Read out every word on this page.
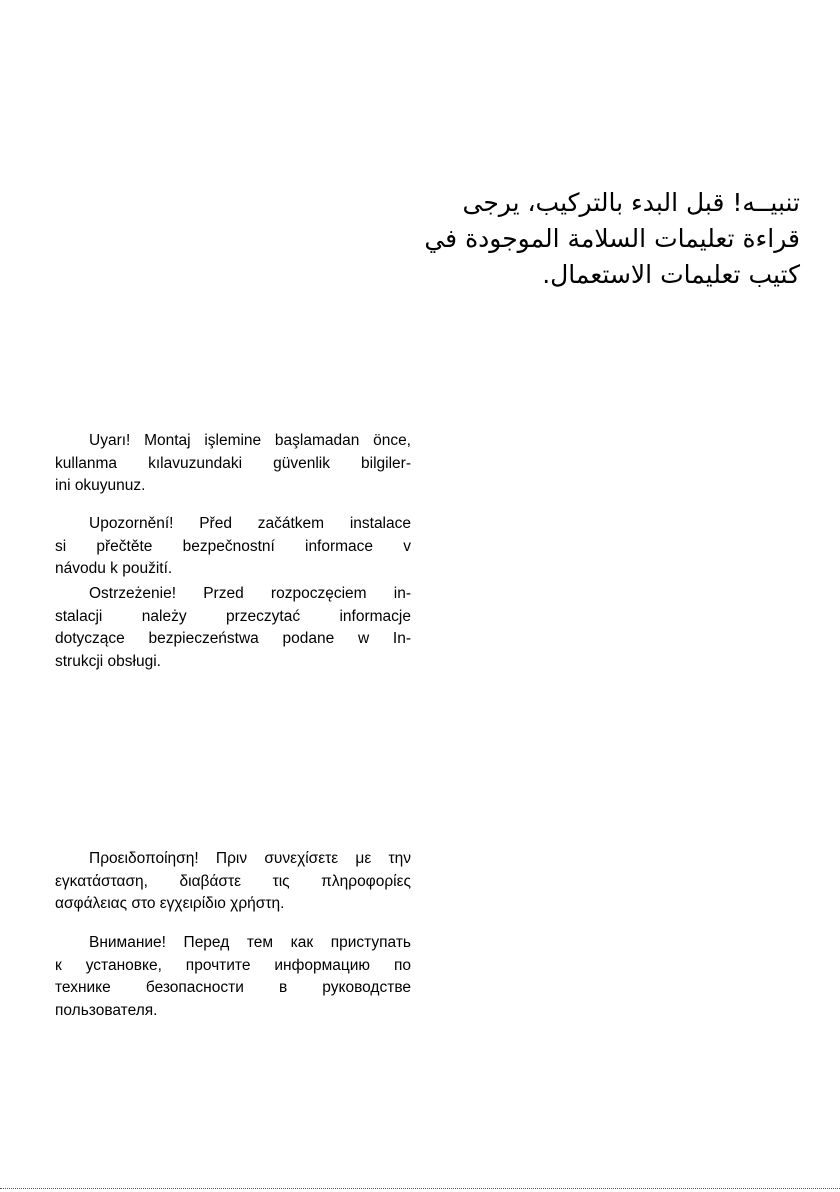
تنبيــه! قبل البدء بالتركيب، يرجى
قراءة تعليمات السلامة الموجودة في
كتيب تعليمات الاستعمال.
Uyarı! Montaj işlemine başlamadan önce,
kullanma kılavuzundaki güvenlik bilgiler-
ini okuyunuz.
Upozornění! Před začátkem instalace
si přečtěte bezpečnostní informace v
návodu k použití.
Ostrzeżenie! Przed rozpoczęciem in-
stalacji należy przeczytać informacje
dotyczące bezpieczeństwa podane w In-
strukcji obsługi.
Προειδοποίηση! Πριν συνεχίσετε με την
εγκατάσταση, διαβάστε τις πληροφορίες
ασφάλειας στο εγχειρίδιο χρήστη.
Внимание! Перед тем как приступать
к установке, прочтите информацию по
технике безопасности в руководстве
пользователя.
